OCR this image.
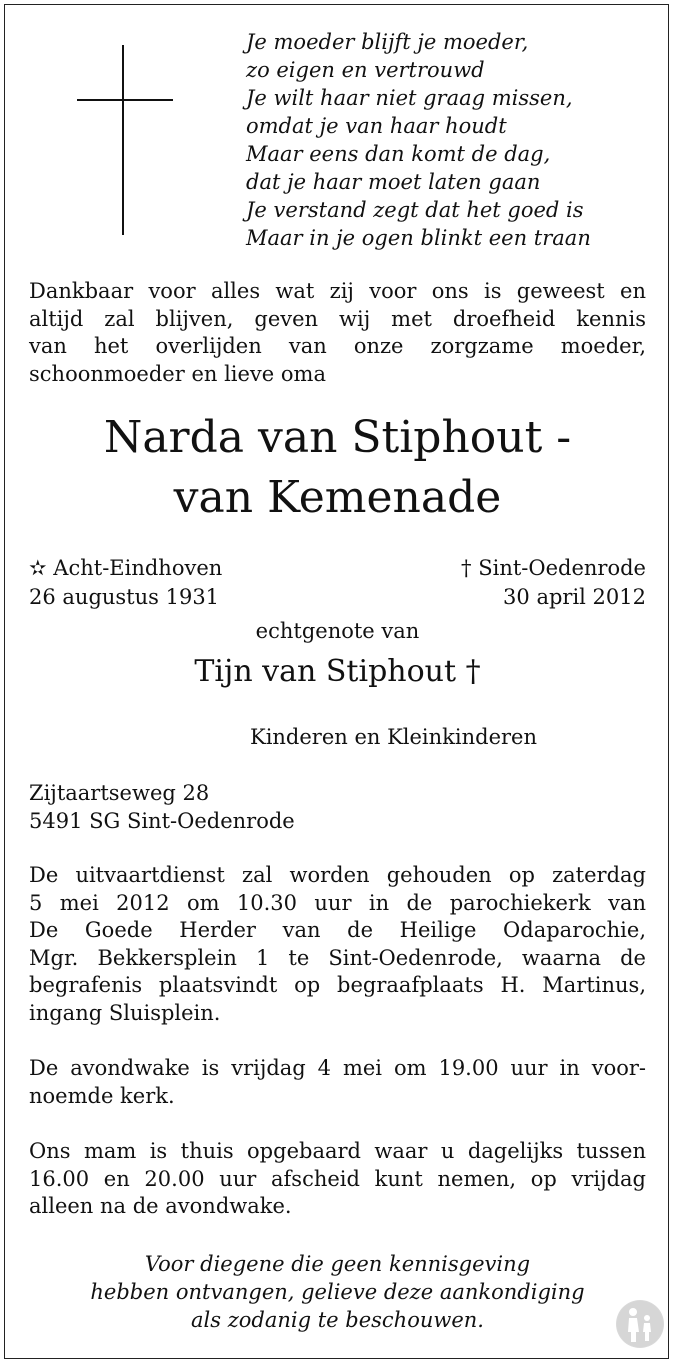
Je moeder blijft je moeder,
zo eigen en vertrouwd
Je wilt haar niet graag missen,
omdat je van haar houdt
Maar eens dan komt de dag,
dat je haar moet laten gaan
Je verstand zegt dat het goed is
Maar in je ogen blinkt een traan
Dankbaar voor alles wat zij voor ons is geweest en
altijd zal blijven, geven wij met droefheid kennis
van het overlijden van onze zorgzame moeder,
schoonmoeder en lieve oma
Narda van Stiphout -
van Kemenade
✫ Acht-Eindhoven
26 augustus 1931
† Sint-Oedenrode
30 april 2012
echtgenote van
Tijn van Stiphout †
Kinderen en Kleinkinderen
Zijtaartseweg 28
5491 SG Sint-Oedenrode
De uitvaartdienst zal worden gehouden op zaterdag
5 mei 2012 om 10.30 uur in de parochiekerk van
De Goede Herder van de Heilige Odaparochie,
Mgr. Bekkersplein 1 te Sint-Oedenrode, waarna de
begrafenis plaatsvindt op begraafplaats H. Martinus,
ingang Sluisplein.
De avondwake is vrijdag 4 mei om 19.00 uur in voor-
noemde kerk.
Ons mam is thuis opgebaard waar u dagelijks tussen
16.00 en 20.00 uur afscheid kunt nemen, op vrijdag
alleen na de avondwake.
Voor diegene die geen kennisgeving
hebben ontvangen, gelieve deze aankondiging
als zodanig te beschouwen.
